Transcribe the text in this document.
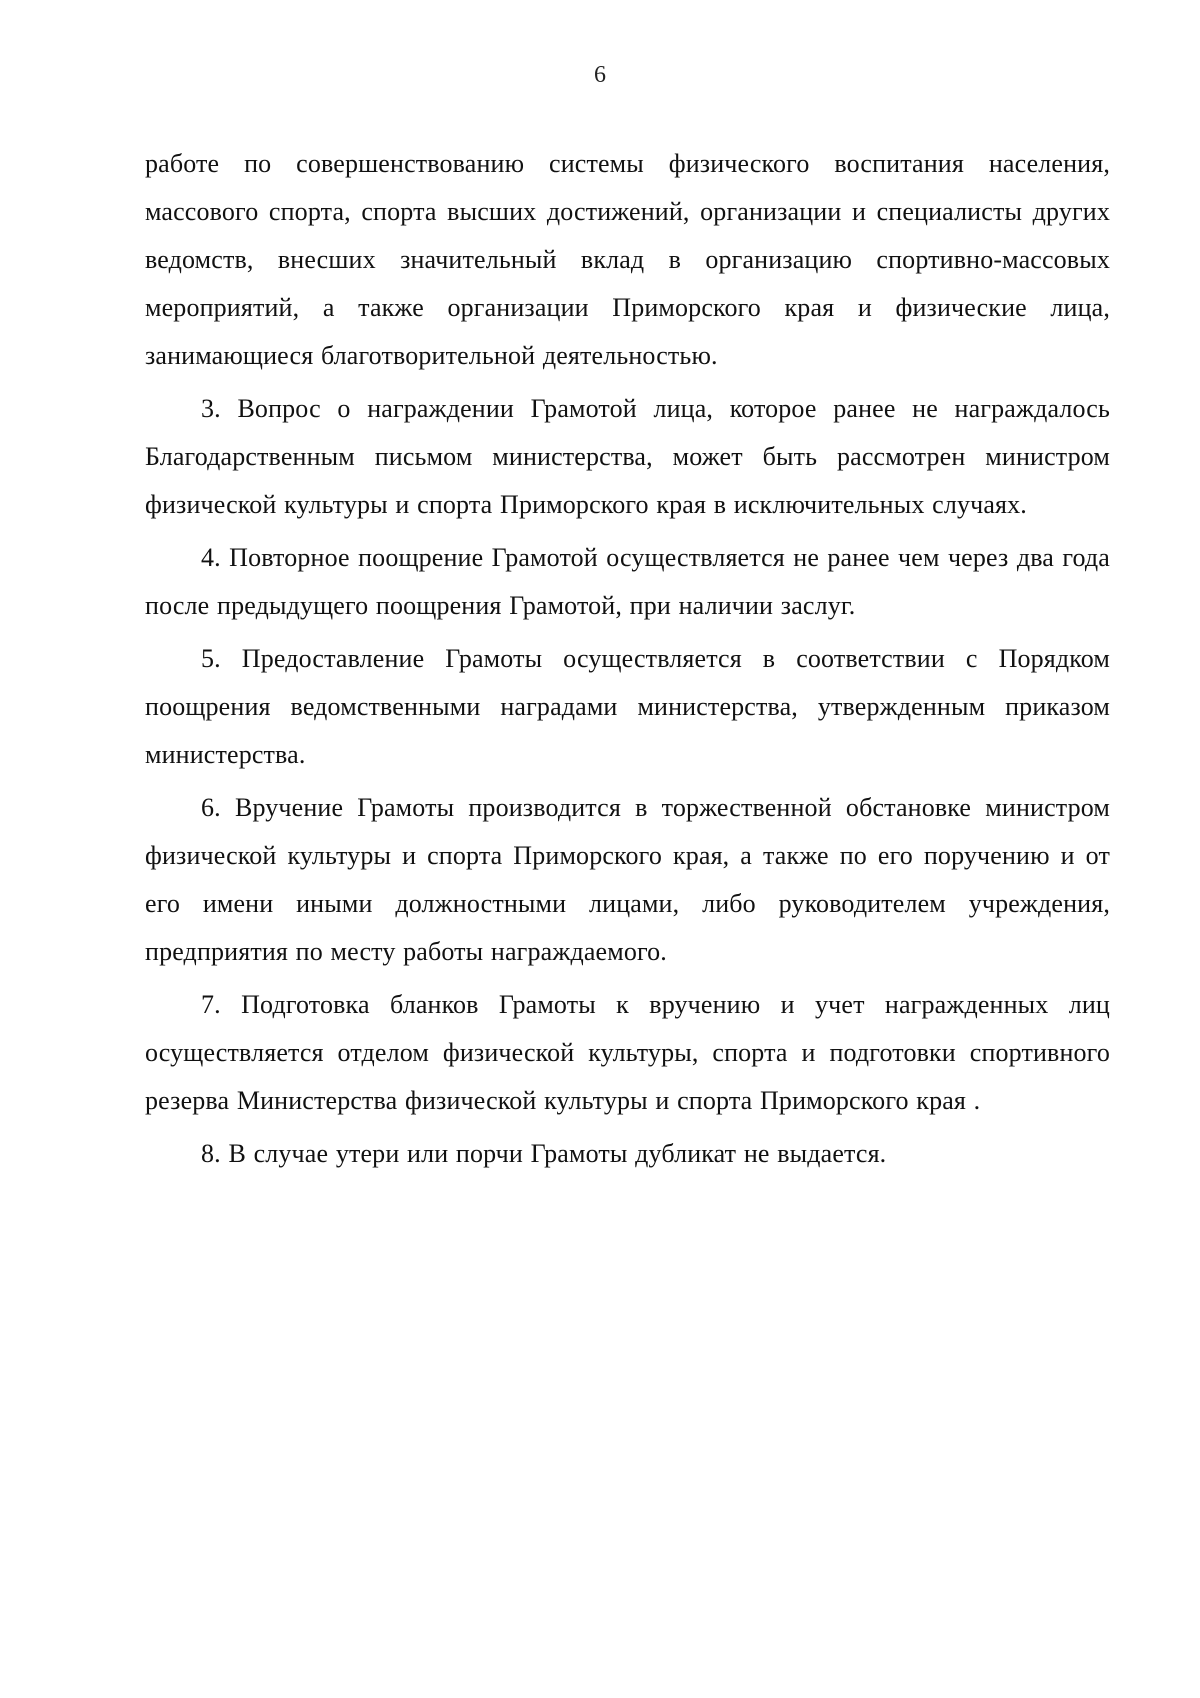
6

работе по совершенствованию системы физического воспитания населения, массового спорта, спорта высших достижений, организации и специалисты других ведомств, внесших значительный вклад в организацию спортивно-массовых мероприятий, а также организации Приморского края и физические лица, занимающиеся благотворительной деятельностью.

3. Вопрос о награждении Грамотой лица, которое ранее не награждалось Благодарственным письмом министерства, может быть рассмотрен министром физической культуры и спорта Приморского края в исключительных случаях.

4. Повторное поощрение Грамотой осуществляется не ранее чем через два года после предыдущего поощрения Грамотой, при наличии заслуг.

5. Предоставление Грамоты осуществляется в соответствии с Порядком поощрения ведомственными наградами министерства, утвержденным приказом министерства.

6. Вручение Грамоты производится в торжественной обстановке министром физической культуры и спорта Приморского края, а также по его поручению и от его имени иными должностными лицами, либо руководителем учреждения, предприятия по месту работы награждаемого.

7. Подготовка бланков Грамоты к вручению и учет награжденных лиц осуществляется отделом физической культуры, спорта и подготовки спортивного резерва Министерства физической культуры и спорта Приморского края .

8. В случае утери или порчи Грамоты дубликат не выдается.
